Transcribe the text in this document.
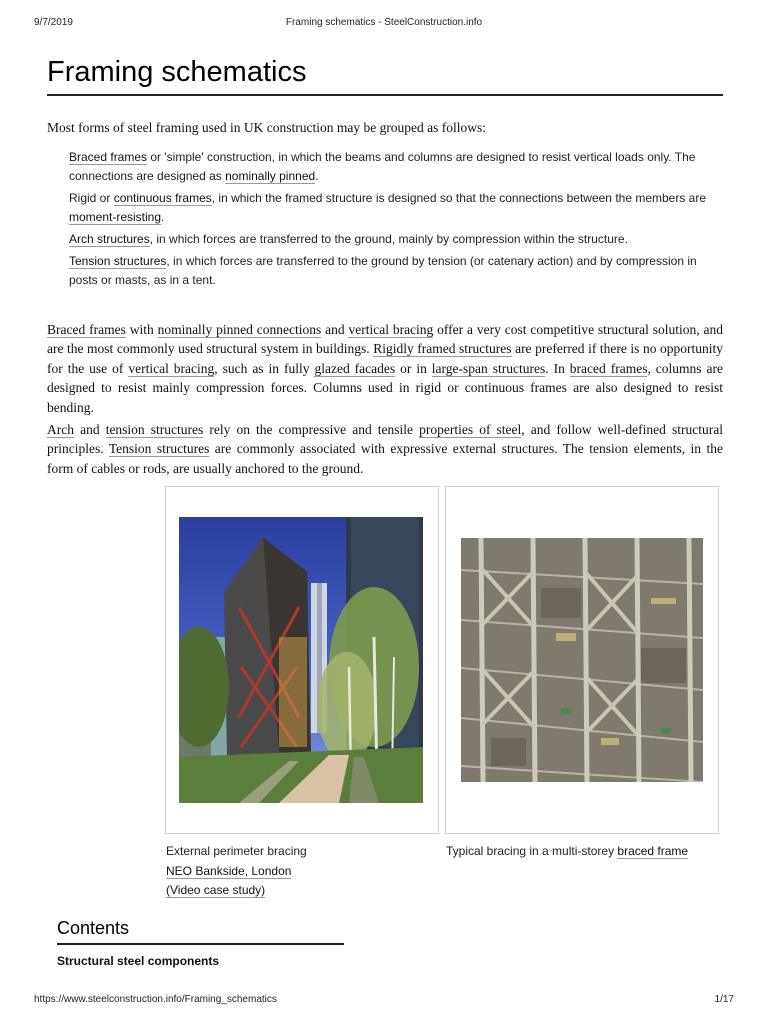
9/7/2019	Framing schematics - SteelConstruction.info
Framing schematics

Most forms of steel framing used in UK construction may be grouped as follows:

Braced frames or 'simple' construction, in which the beams and columns are designed to resist vertical loads only. The connections are designed as nominally pinned.
Rigid or continuous frames, in which the framed structure is designed so that the connections between the members are moment-resisting.
Arch structures, in which forces are transferred to the ground, mainly by compression within the structure.
Tension structures, in which forces are transferred to the ground by tension (or catenary action) and by compression in posts or masts, as in a tent.

Braced frames with nominally pinned connections and vertical bracing offer a very cost competitive structural solution, and are the most commonly used structural system in buildings. Rigidly framed structures are preferred if there is no opportunity for the use of vertical bracing, such as in fully glazed facades or in large-span structures. In braced frames, columns are designed to resist mainly compression forces. Columns used in rigid or continuous frames are also designed to resist bending.

Arch and tension structures rely on the compressive and tensile properties of steel, and follow well-defined structural principles. Tension structures are commonly associated with expressive external structures. The tension elements, in the form of cables or rods, are usually anchored to the ground.

External perimeter bracing
NEO Bankside, London
(Video case study)
Typical bracing in a multi-storey braced frame
Contents
Structural steel components
https://www.steelconstruction.info/Framing_schematics	1/17
